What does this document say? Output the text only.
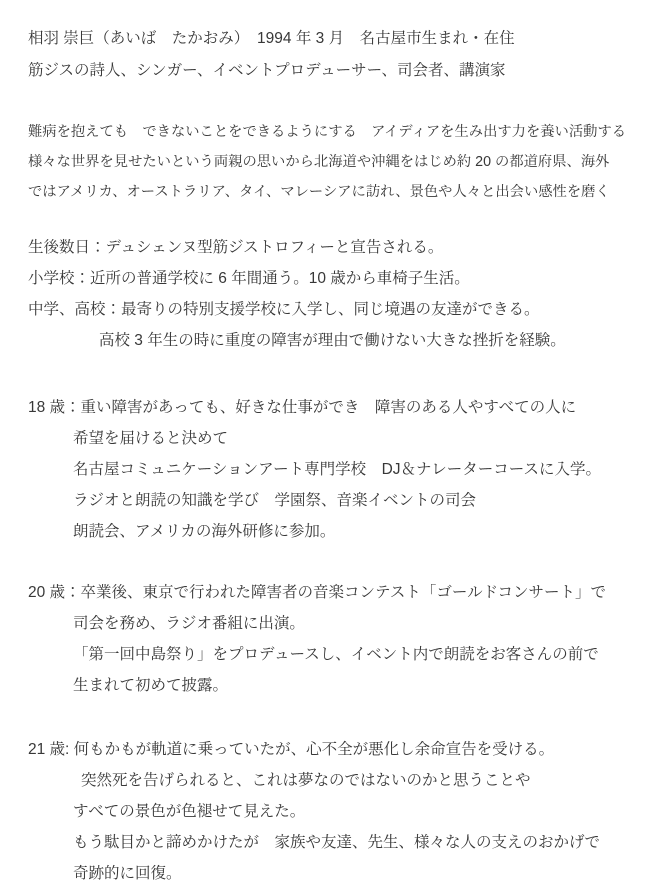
相羽 崇巨（あいば　たかおみ）　1994 年 3 月　名古屋市生まれ・在住

筋ジスの詩人、シンガー、イベントプロデューサー、司会者、講演家

難病を抱えても　できないことをできるようにする　アイディアを生み出す力を養い活動する

様々な世界を見せたいという両親の思いから北海道や沖縄をはじめ約 20 の都道府県、海外

ではアメリカ、オーストラリア、タイ、マレーシアに訪れ、景色や人々と出会い感性を磨く

生後数日：デュシェンヌ型筋ジストロフィーと宣告される。

小学校：近所の普通学校に 6 年間通う。10 歳から車椅子生活。

中学、高校：最寄りの特別支援学校に入学し、同じ境遇の友達ができる。

高校 3 年生の時に重度の障害が理由で働けない大きな挫折を経験。

18 歳：重い障害があっても、好きな仕事ができ　障害のある人やすべての人に

希望を届けると決めて

名古屋コミュニケーションアート専門学校　DJ＆ナレーターコースに入学。

ラジオと朗読の知識を学び　学園祭、音楽イベントの司会

朗読会、アメリカの海外研修に参加。

20 歳：卒業後、東京で行われた障害者の音楽コンテスト「ゴールドコンサート」で

司会を務め、ラジオ番組に出演。

「第一回中島祭り」をプロデュースし、イベント内で朗読をお客さんの前で

生まれて初めて披露。

21 歳: 何もかもが軌道に乗っていたが、心不全が悪化し余命宣告を受ける。

突然死を告げられると、これは夢なのではないのかと思うことや

すべての景色が色褪せて見えた。

もう駄目かと諦めかけたが　家族や友達、先生、様々な人の支えのおかげで

奇跡的に回復。
